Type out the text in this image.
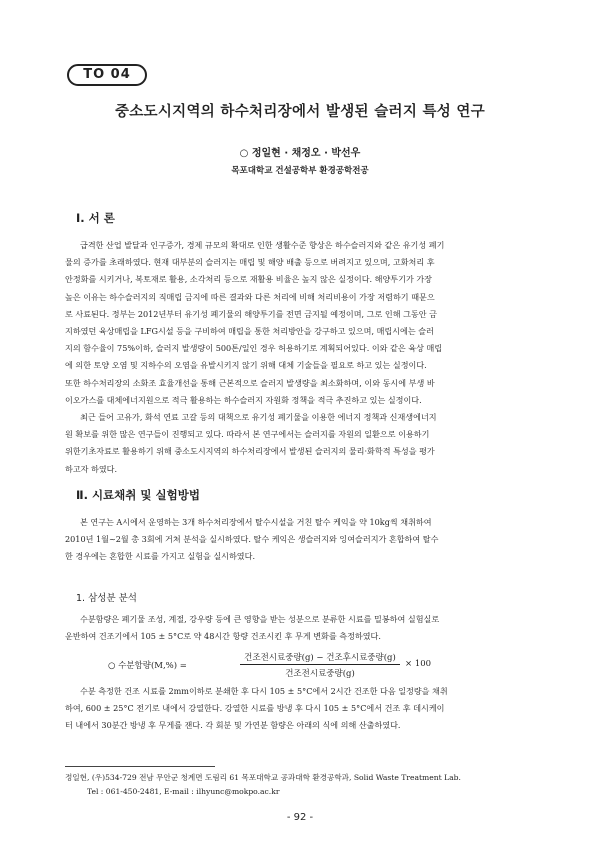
TO 04
중소도시지역의 하수처리장에서 발생된 슬러지 특성 연구
○ 정일현 · 채정오 · 박선우
목포대학교 건설공학부 환경공학전공
Ⅰ. 서 론
급격한 산업 발달과 인구증가, 경제 규모의 확대로 인한 생활수준 향상은 하수슬러지와 같은 유기성 폐기
물의 증가를 초래하였다. 현재 대부분의 슬러지는 매립 및 해양 배출 등으로 버려지고 있으며, 고화처리 후
안정화를 시키거나, 복토재로 활용, 소각처리 등으로 재활용 비율은 높지 않은 실정이다. 해양투기가 가장
높은 이유는 하수슬러지의 직매립 금지에 따른 결과와 다른 처리에 비해 처리비용이 가장 저렴하기 때문으
로 사료된다. 정부는 2012년부터 유기성 폐기물의 해양투기를 전면 금지될 예정이며, 그로 인해 그동안 금
지하였던 육상매립을 LFG시설 등을 구비하여 매립을 통한 처리방안을 강구하고 있으며, 매립시에는 슬러
지의 함수율이 75%이하, 슬러지 발생량이 500톤/일인 경우 허용하기로 계획되어있다. 이와 같은 육상 매립
에 의한 토양 오염 및 지하수의 오염을 유발시키지 않기 위해 대체 기술들을 필요로 하고 있는 실정이다.
또한 하수처리장의 소화조 효율개선을 통해 근본적으로 슬러지 발생량을 최소화하며, 이와 동시에 부생 바
이오가스를 대체에너지원으로 적극 활용하는 하수슬러지 자원화 정책을 적극 추진하고 있는 실정이다.
최근 들어 고유가, 화석 연료 고갈 등의 대책으로 유기성 폐기물을 이용한 에너지 정책과 신재생에너지
원 확보를 위한 많은 연구들이 진행되고 있다. 따라서 본 연구에서는 슬러지를 자원의 일환으로 이용하기
위한기초자료로 활용하기 위해 중소도시지역의 하수처리장에서 발생된 슬러지의 물리·화학적 특성을 평가
하고자 하였다.
Ⅱ. 시료채취 및 실험방법
본 연구는 A시에서 운영하는 3개 하수처리장에서 탈수시설을 거친 탈수 케익을 약 10kg씩 채취하여
2010년 1월~2월 총 3회에 거쳐 분석을 실시하였다. 탈수 케익은 생슬러지와 잉여슬러지가 혼합하여 탈수
한 경우에는 혼합한 시료를 가지고 실험을 실시하였다.
1. 삼성분 분석
수분함량은 폐기물 조성, 계절, 강우량 등에 큰 영향을 받는 성분으로 분류한 시료를 밀봉하여 실험실로
운반하여 건조기에서 105 ± 5°C로 약 48시간 항량 건조시킨 후 무게 변화를 측정하였다.
○ 수분함량(M,%) =
건조전시료중량(g) − 건조후시료중량(g)
건조전시료중량(g)
× 100
수분 측정한 건조 시료를 2mm이하로 분쇄한 후 다시 105 ± 5°C에서 2시간 건조한 다음 일정량을 채취
하여, 600 ± 25°C 전기로 내에서 강열한다. 강열한 시료를 방냉 후 다시 105 ± 5°C에서 건조 후 데시케이
터 내에서 30분간 방냉 후 무게를 잰다. 각 회분 및 가연분 함량은 아래의 식에 의해 산출하였다.
정일현, (우)534-729 전남 무안군 청계면 도림리 61 목포대학교 공과대학 환경공학과, Solid Waste Treatment Lab.
Tel : 061-450-2481, E-mail : ilhyunc@mokpo.ac.kr
- 92 -
